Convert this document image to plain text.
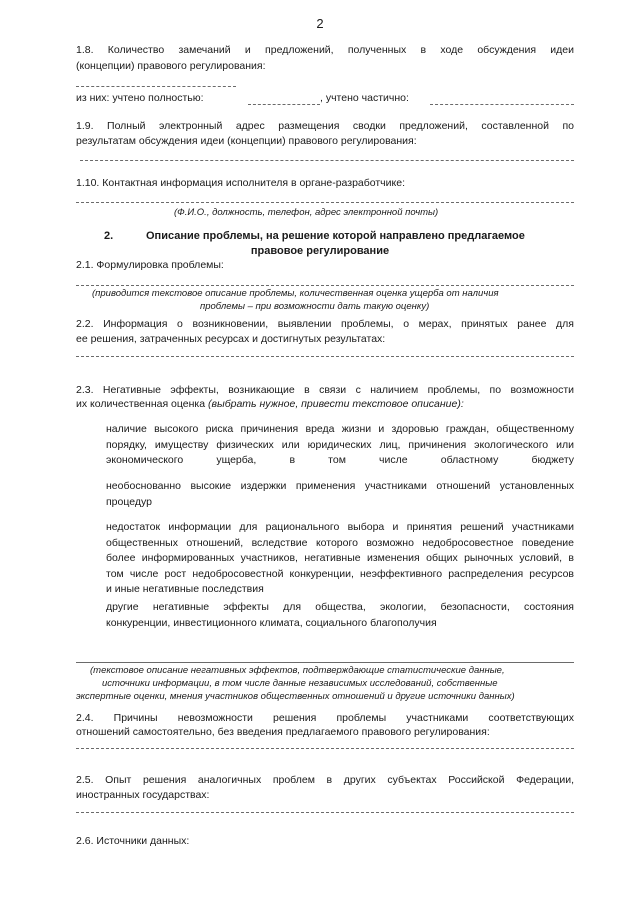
2
1.8. Количество замечаний и предложений, полученных в ходе обсуждения идеи
(концепции) правового регулирования:
из них: учтено полностью:	, учтено частично:
1.9. Полный электронный адрес размещения сводки предложений, составленной по
результатам обсуждения идеи (концепции) правового регулирования:
1.10. Контактная информация исполнителя в органе-разработчике:
(Ф.И.О., должность, телефон, адрес электронной почты)
2.	Описание проблемы, на решение которой направлено предлагаемое
правовое регулирование
2.1. Формулировка проблемы:
(приводится текстовое описание проблемы, количественная оценка ущерба от наличия
проблемы – при возможности дать такую оценку)
2.2. Информация о возникновении, выявлении проблемы, о мерах, принятых ранее для
ее решения, затраченных ресурсах и достигнутых результатах:
2.3. Негативные эффекты, возникающие в связи с наличием проблемы, по возможности
их количественная оценка (выбрать нужное, привести текстовое описание):
наличие высокого риска причинения вреда жизни и здоровью граждан, общественному
порядку, имуществу физических или юридических лиц, причинения экологического или
экономического ущерба, в том числе областному бюджету
необоснованно высокие издержки применения участниками отношений установленных
процедур
недостаток информации для рационального выбора и принятия решений участниками
общественных отношений, вследствие которого возможно недобросовестное поведение
более информированных участников, негативные изменения общих рыночных условий, в
том числе рост недобросовестной конкуренции, неэффективного распределения ресурсов
и иные негативные последствия
другие негативные эффекты для общества, экологии, безопасности, состояния
конкуренции, инвестиционного климата, социального благополучия
(текстовое описание негативных эффектов, подтверждающие статистические данные,
источники информации, в том числе данные независимых исследований, собственные
экспертные оценки, мнения участников общественных отношений и другие источники данных)
2.4. Причины невозможности решения проблемы участниками соответствующих
отношений самостоятельно, без введения предлагаемого правового регулирования:
2.5. Опыт решения аналогичных проблем в других субъектах Российской Федерации,
иностранных государствах:
2.6. Источники данных:
